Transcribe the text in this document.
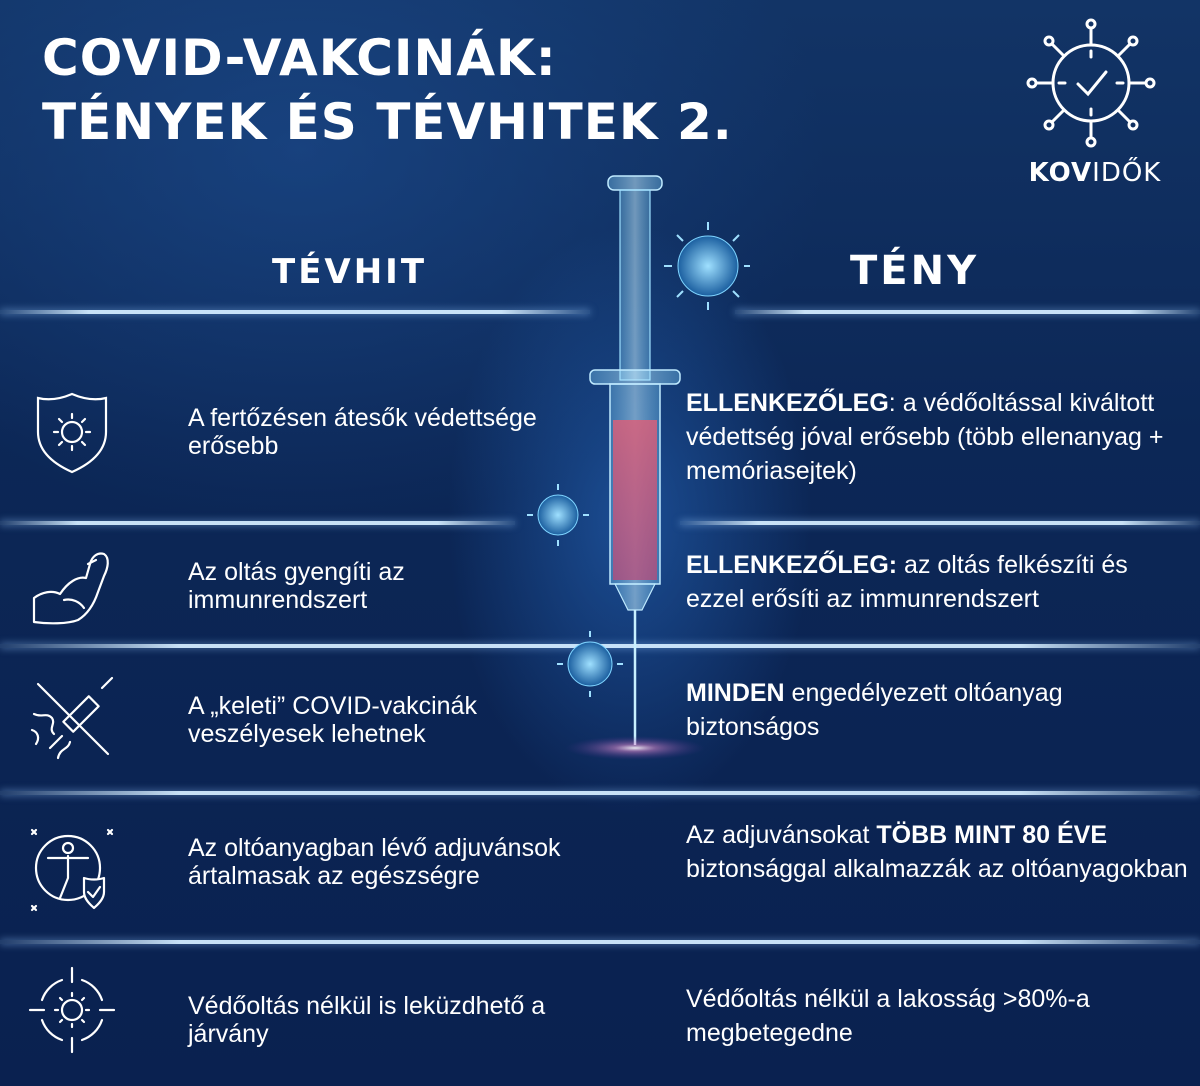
COVID-VAKCINÁK:
TÉNYEK ÉS TÉVHITEK 2.
KOVIDŐK
TÉVHIT	TÉNY
A fertőzésen átesők védettsége erősebb
ELLENKEZŐLEG: a védőoltással kiváltott védettség jóval erősebb (több ellenanyag + memóriasejtek)
Az oltás gyengíti az immunrendszert
ELLENKEZŐLEG: az oltás felkészíti és ezzel erősíti az immunrendszert
A „keleti” COVID-vakcinák veszélyesek lehetnek
MINDEN engedélyezett oltóanyag biztonságos
Az oltóanyagban lévő adjuvánsok ártalmasak az egészségre
Az adjuvánsokat TÖBB MINT 80 ÉVE biztonsággal alkalmazzák az oltóanyagokban
Védőoltás nélkül is leküzdhető a járvány
Védőoltás nélkül a lakosság >80%-a megbetegedne
